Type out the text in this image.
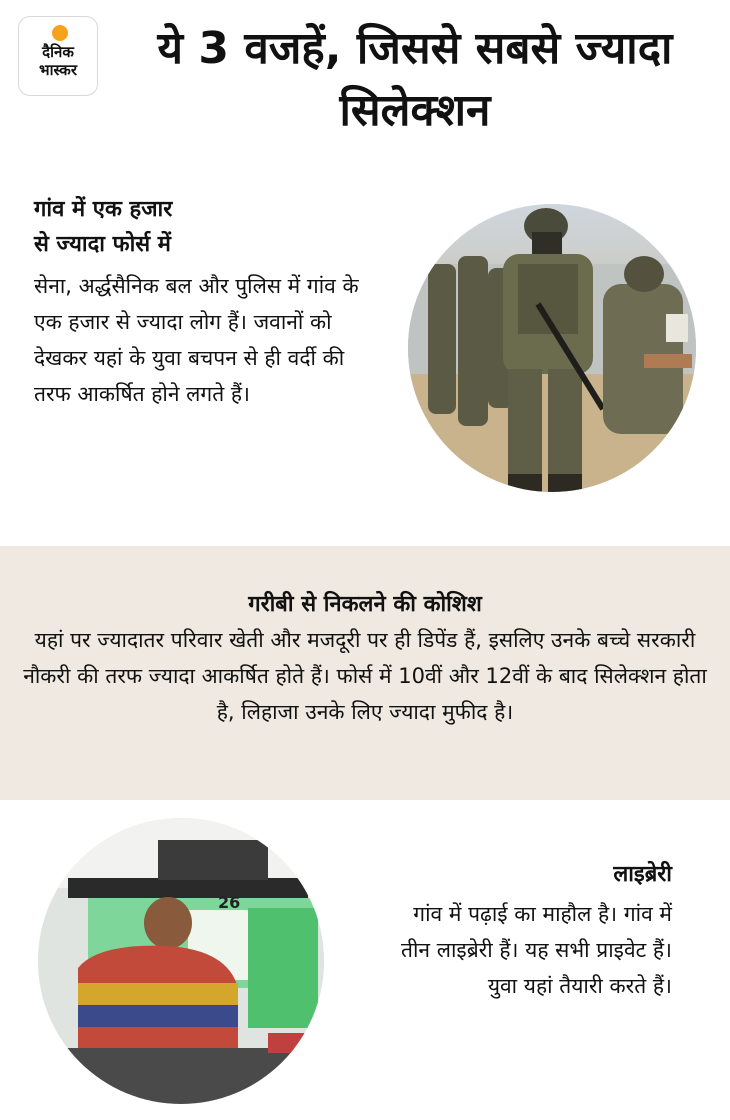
दैनिक
भास्कर	ये 3 वजहें, जिससे सबसे ज्यादा सिलेक्शन
गांव में एक हजार
से ज्यादा फोर्स में
सेना, अर्द्धसैनिक बल और पुलिस में गांव के एक हजार से ज्यादा लोग हैं। जवानों को देखकर यहां के युवा बचपन से ही वर्दी की तरफ आकर्षित होने लगते हैं।
गरीबी से निकलने की कोशिश
यहां पर ज्यादातर परिवार खेती और मजदूरी पर ही डिपेंड हैं, इसलिए उनके बच्चे सरकारी नौकरी की तरफ ज्यादा आकर्षित होते हैं। फोर्स में 10वीं और 12वीं के बाद सिलेक्शन होता है, लिहाजा उनके लिए ज्यादा मुफीद है।
26
लाइब्रेरी
गांव में पढ़ाई का माहौल है। गांव में तीन लाइब्रेरी हैं। यह सभी प्राइवेट हैं। युवा यहां तैयारी करते हैं।
